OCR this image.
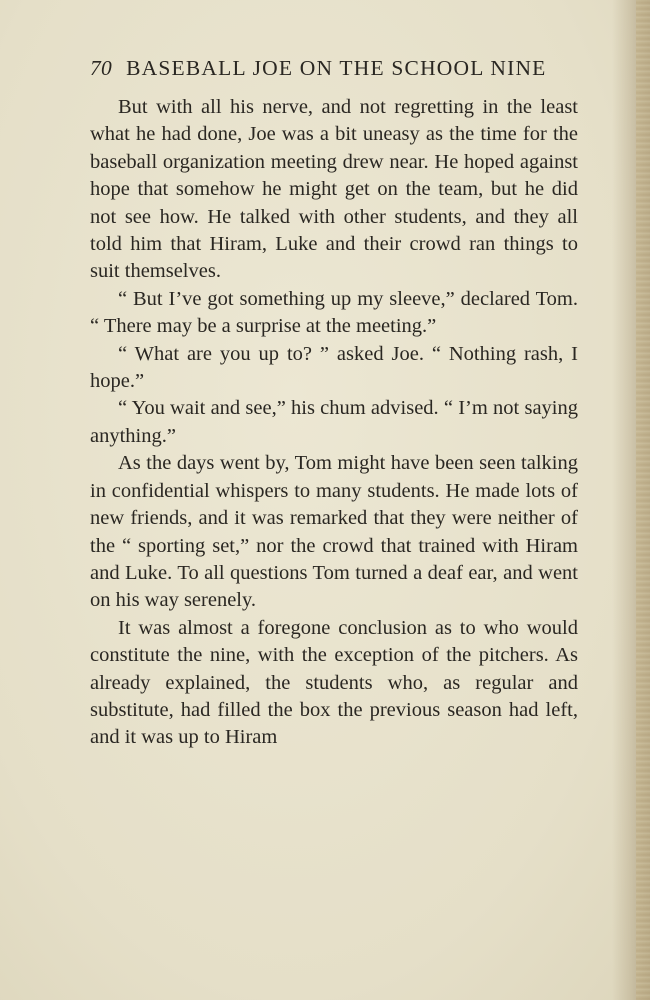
70 BASEBALL JOE ON THE SCHOOL NINE

But with all his nerve, and not regretting in the least what he had done, Joe was a bit uneasy as the time for the baseball organization meeting drew near. He hoped against hope that somehow he might get on the team, but he did not see how. He talked with other students, and they all told him that Hiram, Luke and their crowd ran things to suit themselves.

“ But I’ve got something up my sleeve,” declared Tom. “ There may be a surprise at the meeting.”

“ What are you up to? ” asked Joe. “ Nothing rash, I hope.”

“ You wait and see,” his chum advised. “ I’m not saying anything.”

As the days went by, Tom might have been seen talking in confidential whispers to many students. He made lots of new friends, and it was remarked that they were neither of the “ sporting set,” nor the crowd that trained with Hiram and Luke. To all questions Tom turned a deaf ear, and went on his way serenely.

It was almost a foregone conclusion as to who would constitute the nine, with the exception of the pitchers. As already explained, the students who, as regular and substitute, had filled the box the previous season had left, and it was up to Hiram
